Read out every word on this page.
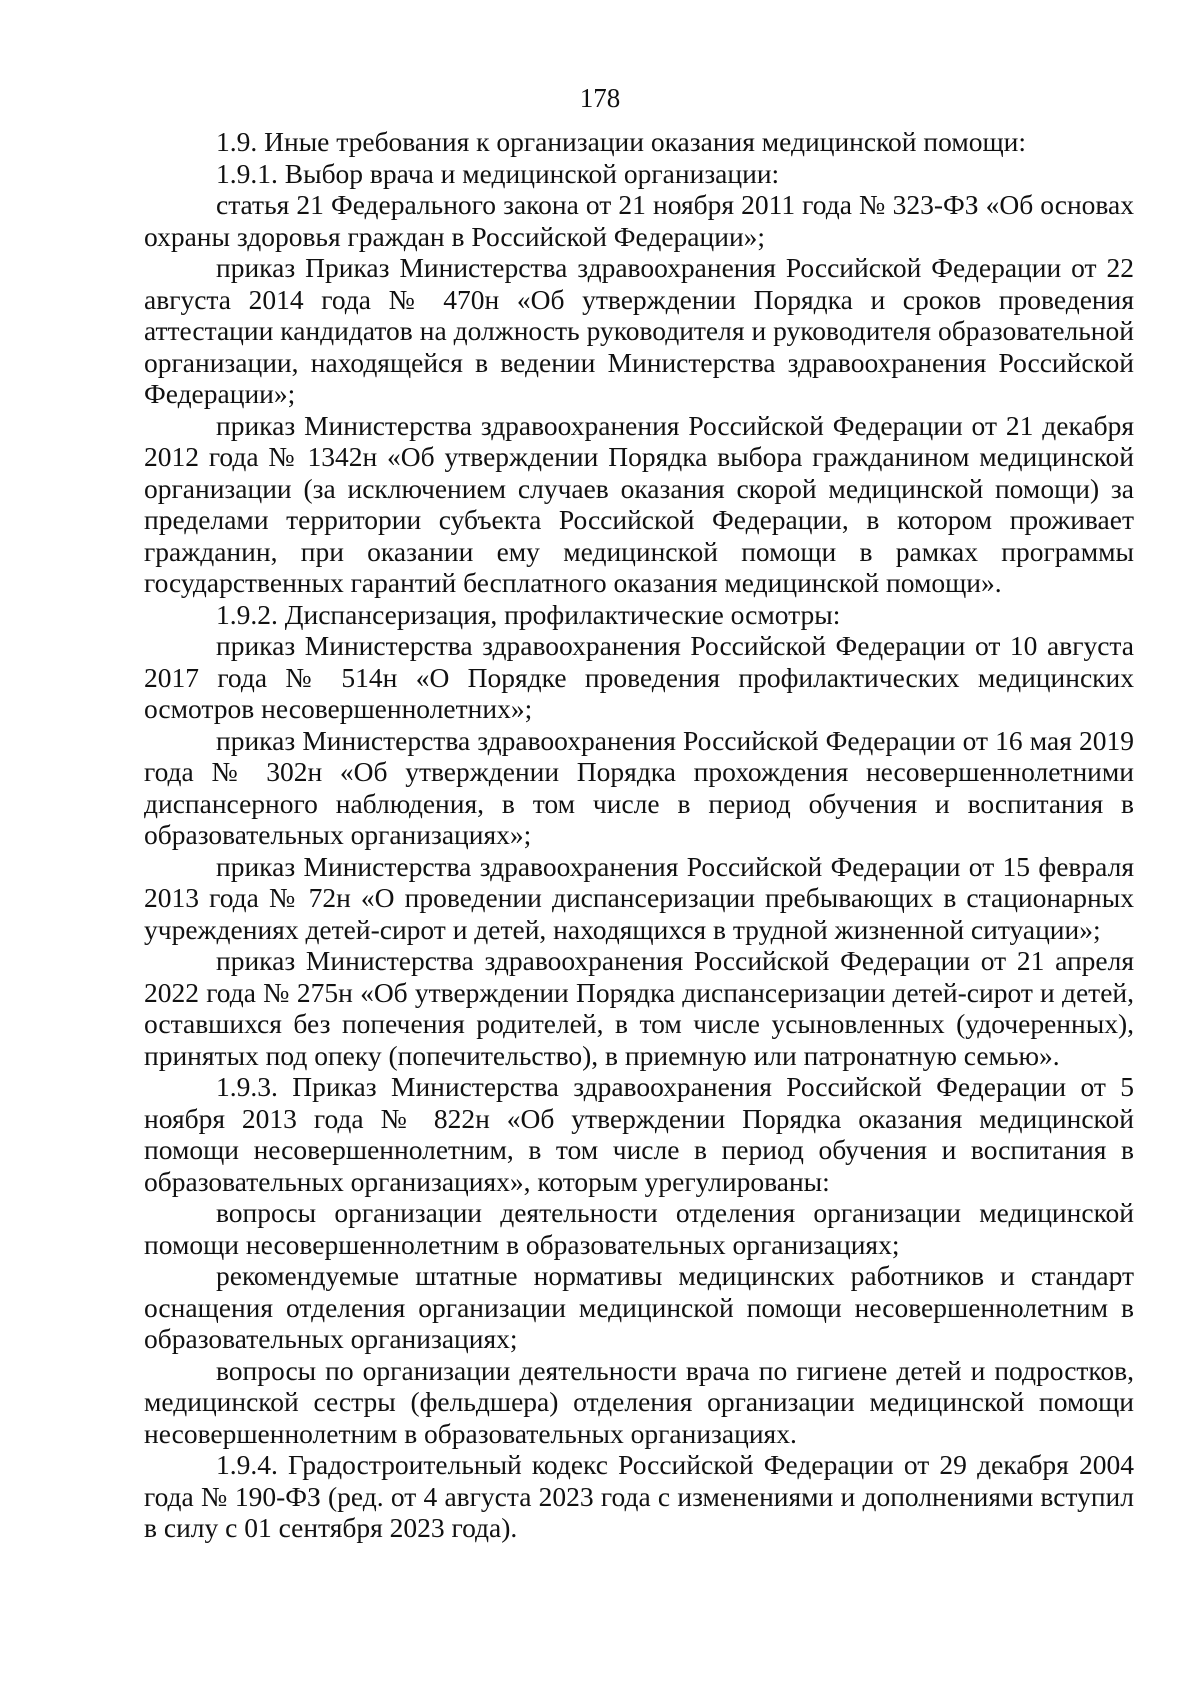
178

1.9. Иные требования к организации оказания медицинской помощи:

1.9.1. Выбор врача и медицинской организации:

статья 21 Федерального закона от 21 ноября 2011 года № 323-ФЗ «Об основах охраны здоровья граждан в Российской Федерации»;

приказ Приказ Министерства здравоохранения Российской Федерации от 22 августа 2014 года № 470н «Об утверждении Порядка и сроков проведения аттестации кандидатов на должность руководителя и руководителя образовательной организации, находящейся в ведении Министерства здравоохранения Российской Федерации»;

приказ Министерства здравоохранения Российской Федерации от 21 декабря 2012 года № 1342н «Об утверждении Порядка выбора гражданином медицинской организации (за исключением случаев оказания скорой медицинской помощи) за пределами территории субъекта Российской Федерации, в котором проживает гражданин, при оказании ему медицинской помощи в рамках программы государственных гарантий бесплатного оказания медицинской помощи».

1.9.2. Диспансеризация, профилактические осмотры:

приказ Министерства здравоохранения Российской Федерации от 10 августа 2017 года № 514н «О Порядке проведения профилактических медицинских осмотров несовершеннолетних»;

приказ Министерства здравоохранения Российской Федерации от 16 мая 2019 года № 302н «Об утверждении Порядка прохождения несовершеннолетними диспансерного наблюдения, в том числе в период обучения и воспитания в образовательных организациях»;

приказ Министерства здравоохранения Российской Федерации от 15 февраля 2013 года № 72н «О проведении диспансеризации пребывающих в стационарных учреждениях детей-сирот и детей, находящихся в трудной жизненной ситуации»;

приказ Министерства здравоохранения Российской Федерации от 21 апреля 2022 года № 275н «Об утверждении Порядка диспансеризации детей-сирот и детей, оставшихся без попечения родителей, в том числе усыновленных (удочеренных), принятых под опеку (попечительство), в приемную или патронатную семью».

1.9.3. Приказ Министерства здравоохранения Российской Федерации от 5 ноября 2013 года № 822н «Об утверждении Порядка оказания медицинской помощи несовершеннолетним, в том числе в период обучения и воспитания в образовательных организациях», которым урегулированы:

вопросы организации деятельности отделения организации медицинской помощи несовершеннолетним в образовательных организациях;

рекомендуемые штатные нормативы медицинских работников и стандарт оснащения отделения организации медицинской помощи несовершеннолетним в образовательных организациях;

вопросы по организации деятельности врача по гигиене детей и подростков, медицинской сестры (фельдшера) отделения организации медицинской помощи несовершеннолетним в образовательных организациях.

1.9.4. Градостроительный кодекс Российской Федерации от 29 декабря 2004 года № 190-ФЗ (ред. от 4 августа 2023 года с изменениями и дополнениями вступил в силу с 01 сентября 2023 года).
